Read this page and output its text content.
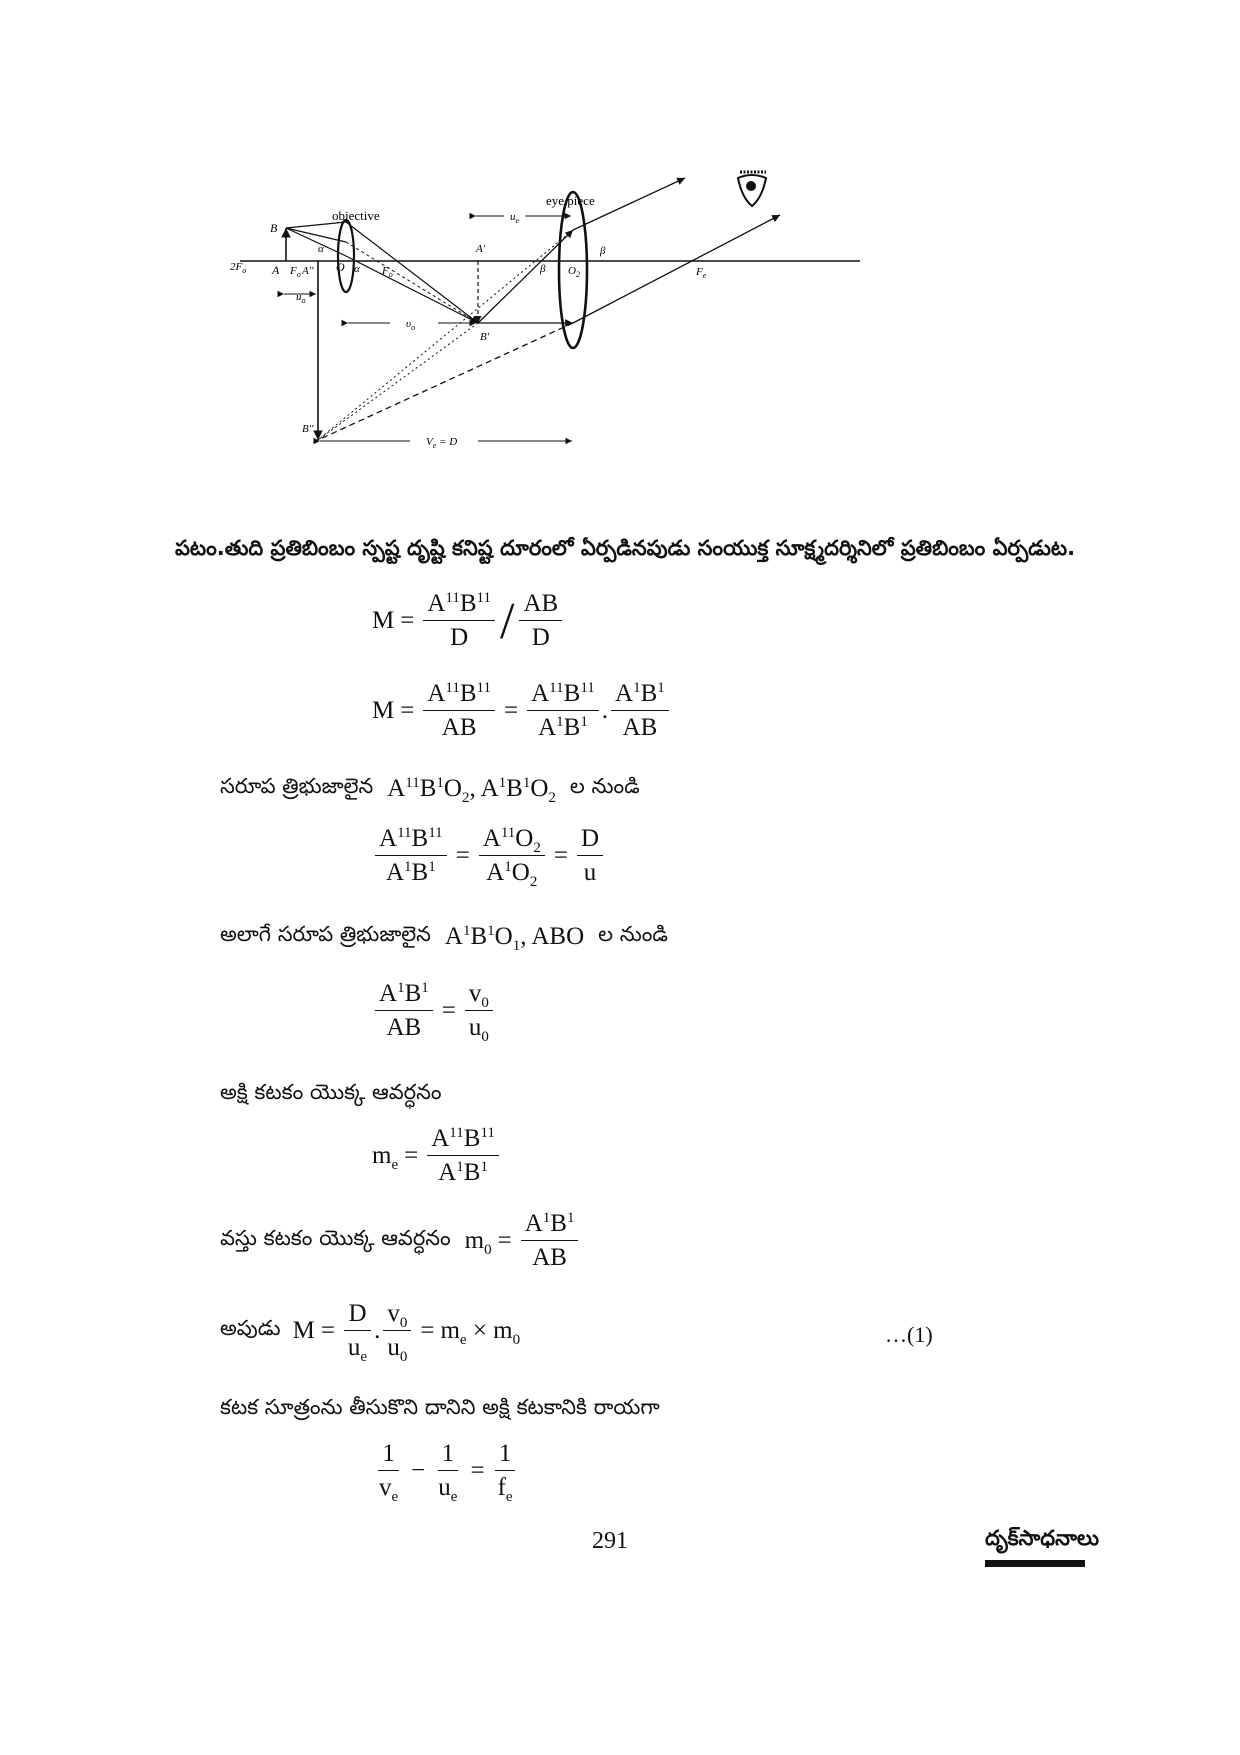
objective
eye piece
B
A
$2F_o$	$F_o$ A'' O
α
α $F_o$
A'
B'
β
β
$O_2$	$F_e$
$u_o$
$\upsilon_o$
$u_e$
B''
$V_e = D$
పటం.తుది ప్రతిబింబం స్పష్ట దృష్టి కనిష్ట దూరంలో ఏర్పడినపుడు సంయుక్త సూక్ష్మదర్శినిలో ప్రతిబింబం ఏర్పడుట.
$M = \frac{A^{11}B^{11}}{D} / \frac{AB}{D}$
$M = \frac{A^{11}B^{11}}{AB} = \frac{A^{11}B^{11}}{A^1B^1}$ . $\frac{A^1B^1}{AB}$
సరూప త్రిభుజాలైన $A^{11}B^1O_2$, $A^1B^1O_2$ ల నుండి
$\frac{A^{11}B^{11}}{A^1B^1} = \frac{A^{11}O_2}{A^1O_2} = \frac{D}{u}$
అలాగే సరూప త్రిభుజాలైన $A^1B^1O_1$ , ABO ల నుండి
$\frac{A^1B^1}{AB} = \frac{v_0}{u_0}$
అక్షి కటకం యొక్క ఆవర్ధనం
$m_e = \frac{A^{11}B^{11}}{A^1B^1}$
వస్తు కటకం యొక్క ఆవర్ధనం $m_0 = \frac{A^1B^1}{AB}$
అపుడు $M = \frac{D}{u_e}$ . $\frac{v_0}{u_0} = m_e \times m_0$	…(1)
కటక సూత్రంను తీసుకొని దానిని అక్షి కటకానికి రాయగా
$\frac{1}{v_e} - \frac{1}{u_e} = \frac{1}{f_e}$
291	దృక్‌సాధనాలు
